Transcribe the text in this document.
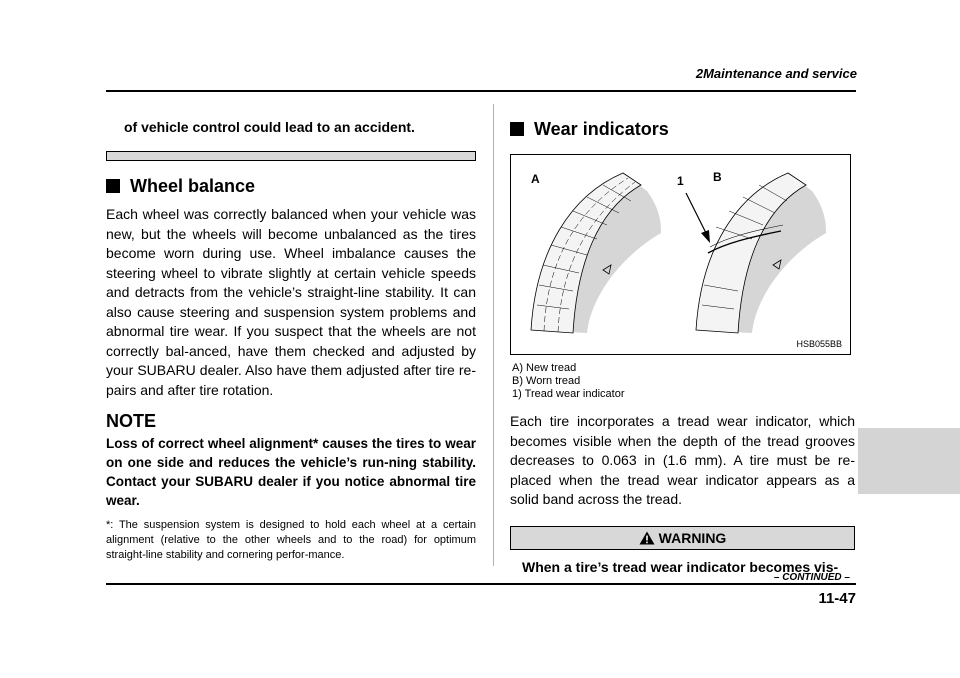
2Maintenance and service
of vehicle control could lead to an accident.
Wheel balance

Each wheel was correctly balanced when your vehicle was new, but the wheels will become unbalanced as the tires become worn during use. Wheel imbalance causes the steering wheel to vibrate slightly at certain vehicle speeds and detracts from the vehicle’s straight-line stability. It can also cause steering and suspension system problems and abnormal tire wear. If you suspect that the wheels are not correctly bal-anced, have them checked and adjusted by your SUBARU dealer. Also have them adjusted after tire re-pairs and after tire rotation.

NOTE

Loss of correct wheel alignment* causes the tires to wear on one side and reduces the vehicle’s run-ning stability. Contact your SUBARU dealer if you notice abnormal tire wear.

*: The suspension system is designed to hold each wheel at a certain alignment (relative to the other wheels and to the road) for optimum straight-line stability and cornering perfor-mance.

Wear indicators
A	1 B
HSB055BB
A) New tread
B) Worn tread
1) Tread wear indicator

Each tire incorporates a tread wear indicator, which becomes visible when the depth of the tread grooves decreases to 0.063 in (1.6 mm). A tire must be re-placed when the tread wear indicator appears as a solid band across the tread.

WARNING
When a tire’s tread wear indicator becomes vis-
– CONTINUED –
11-47
